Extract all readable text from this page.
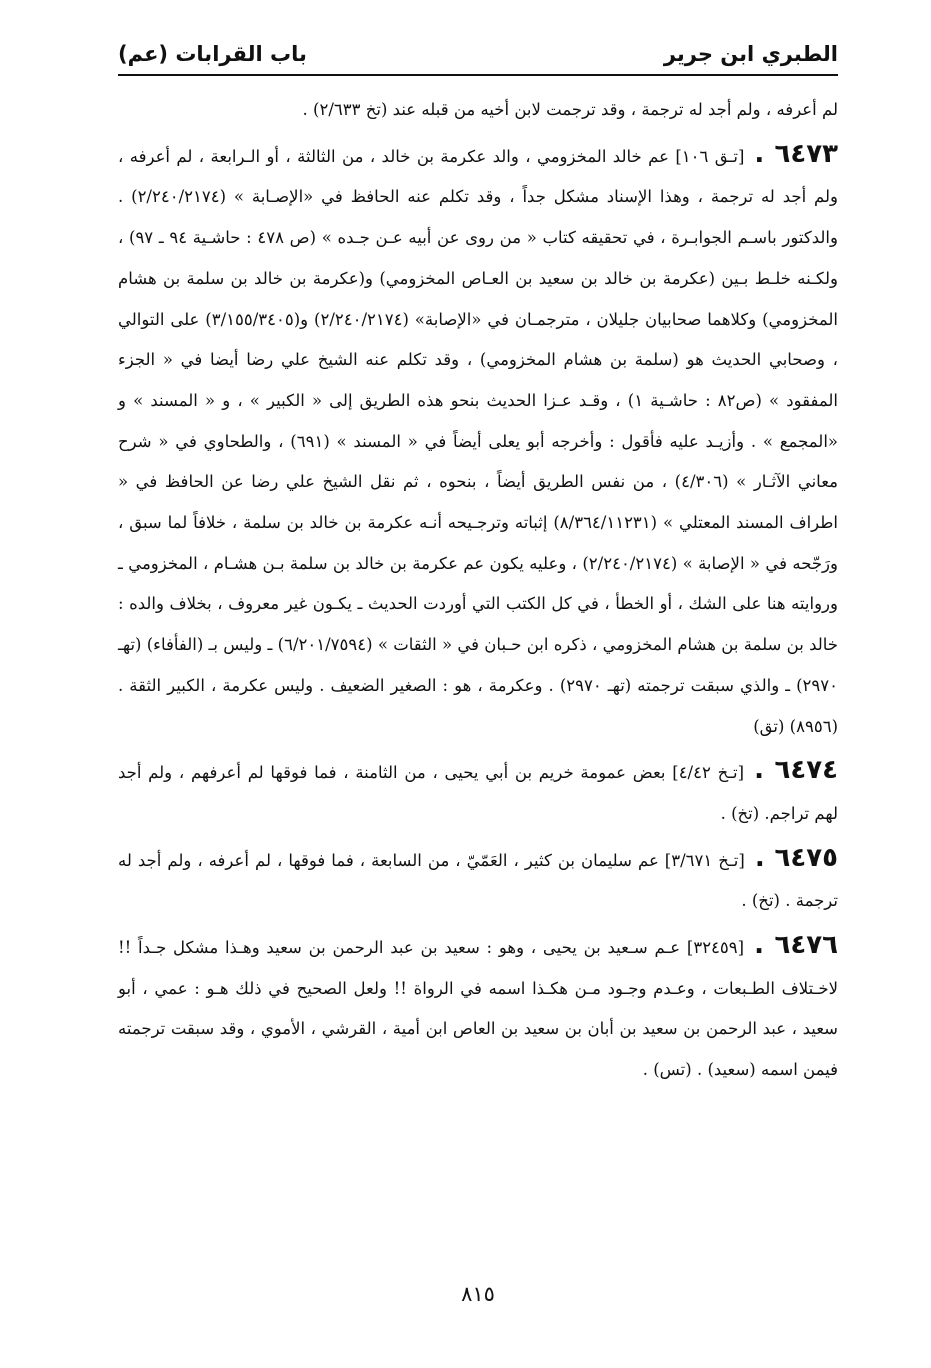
الطبري ابن جرير
باب القرابات (عم)

لم أعرفه ، ولم أجد له ترجمة ، وقد ترجمت لابن أخيه من قبله عند (تخ ٢/٦٣٣) .

٦٤٧٣ .[تـق ١٠٦] عم خالد المخزومي ، والد عكرمة بن خالد ، من الثالثة ، أو الـرابعة ، لم أعرفه ، ولم أجد له ترجمة ، وهذا الإسناد مشكل جداً ، وقد تكلم عنه الحافظ في «الإصـابة » (٢/٢٤٠/٢١٧٤) . والدكتور باسـم الجوابـرة ، في تحقيقه كتاب « من روى عن أبيه عـن جـده » (ص ٤٧٨ : حاشـية ٩٤ ـ ٩٧) ، ولكـنه خلـط بـين (عكرمة بن خالد بن سعيد بن العـاص المخزومي) و(عكرمة بن خالد بن سلمة بن هشام المخزومي) وكلاهما صحابيان جليلان ، مترجمـان في «الإصابة» (٢/٢٤٠/٢١٧٤) و(٣/١٥٥/٣٤٠٥) على التوالي ، وصحابي الحديث هو (سلمة بن هشام المخزومي) ، وقد تكلم عنه الشيخ علي رضا أيضا في « الجزء المفقود » (ص٨٢ : حاشـية ١) ، وقـد عـزا الحديث بنحو هذه الطريق إلى « الكبير » ، و « المسند » و «المجمع » . وأزيـد عليه فأقول : وأخرجه أبو يعلى أيضاً في « المسند » (٦٩١) ، والطحاوي في « شرح معاني الآثـار » (٤/٣٠٦) ، من نفس الطريق أيضاً ، بنحوه ، ثم نقل الشيخ علي رضا عن الحافظ في « اطراف المسند المعتلي » (٨/٣٦٤/١١٢٣١) إثباته وترجـيحه أنـه عكرمة بن خالد بن سلمة ، خلافاً لما سبق ، ورَجّحه في « الإصابة » (٢/٢٤٠/٢١٧٤) ، وعليه يكون عم عكرمة بن خالد بن سلمة بـن هشـام ، المخزومي ـ وروايته هنا على الشك ، أو الخطأ ، في كل الكتب التي أوردت الحديث ـ يكـون غير معروف ، بخلاف والده : خالد بن سلمة بن هشام المخزومي ، ذكره ابن حـبان في « الثقات » (٦/٢٠١/٧٥٩٤) ـ وليس بـ (الفأفاء) (تهـ ٢٩٧٠) ـ والذي سبقت ترجمته (تهـ ٢٩٧٠) . وعكرمة ، هو : الصغير الضعيف . وليس عكرمة ، الكبير الثقة . (٨٩٥٦) (تق)

٦٤٧٤ .[تـخ ٤/٤٢] بعض عمومة خريم بن أبي يحيى ، من الثامنة ، فما فوقها لم أعرفهم ، ولم أجد لهم تراجم. (تخ) .

٦٤٧٥ .[تـخ ٣/٦٧١] عم سليمان بن كثير ، العَمّيّ ، من السابعة ، فما فوقها ، لم أعرفه ، ولم أجد له ترجمة . (تخ) .

٦٤٧٦ .[٣٢٤٥٩] عـم سـعيد بن يحيى ، وهو : سعيد بن عبد الرحمن بن سعيد وهـذا مشكل جـداً !! لاخـتلاف الطـبعات ، وعـدم وجـود مـن هكـذا اسمه في الرواة !! ولعل الصحيح في ذلك هـو : عمي ، أبو سعيد ، عبد الرحمن بن سعيد بن أبان بن سعيد بن العاص ابن أمية ، القرشي ، الأموي ، وقد سبقت ترجمته فيمن اسمه (سعيد) . (تس) .

٨١٥
